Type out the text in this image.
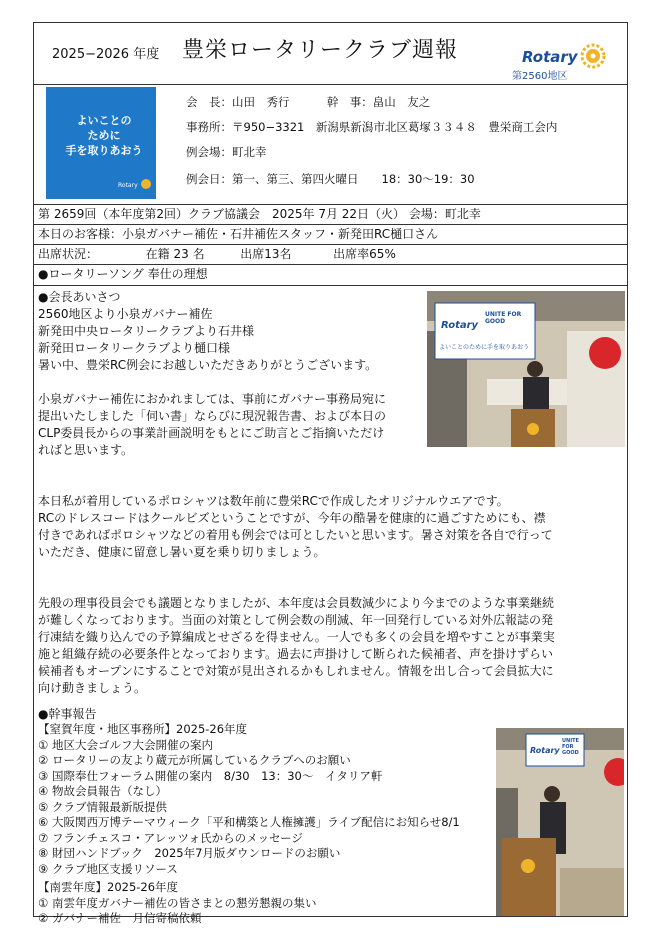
2025−2026 年度 豊栄ロータリークラブ週報	Rotary
第2560地区
よいことの
ために
手を取りあおう
Rotary
会　長：山田　秀行	幹　事：畠山　友之
事務所：〒950−3321　新潟県新潟市北区葛塚３３４８　豊栄商工会内
例会場：町北幸
例会日：第一、第三、第四火曜日　　18：30〜19：30
第 2659回（本年度第2回）クラブ協議会　2025年 7月 22日（火） 会場：町北幸
本日のお客様：小泉ガバナー補佐・石井補佐スタッフ・新発田RC樋口さん
出席状況：	在籍 23 名	出席13名	出席率65%
●ロータリーソング 奉仕の理想
●会長あいさつ
2560地区より小泉ガバナー補佐
新発田中央ロータリークラブより石井様
新発田ロータリークラブより樋口様
暑い中、豊栄RC例会にお越しいただきありがとうございます。
小泉ガバナー補佐におかれましては、事前にガバナー事務局宛に
提出いたしました「伺い書」ならびに現況報告書、および本日の
CLP委員長からの事業計画説明をもとにご助言とご指摘いただけ
ればと思います。
本日私が着用しているポロシャツは数年前に豊栄RCで作成したオリジナルウエアです。
RCのドレスコードはクールビズということですが、今年の酷暑を健康的に過ごすためにも、襟
付きであればポロシャツなどの着用も例会では可としたいと思います。暑さ対策を各自で行って
いただき、健康に留意し暑い夏を乗り切りましょう。
先般の理事役員会でも議題となりましたが、本年度は会員数減少により今までのような事業継続
が難しくなっております。当面の対策として例会数の削減、年一回発行している対外広報誌の発
行凍結を織り込んでの予算編成とせざるを得ません。一人でも多くの会員を増やすことが事業実
施と組織存続の必要条件となっております。過去に声掛けして断られた候補者、声を掛けずらい
候補者もオープンにすることで対策が見出されるかもしれません。情報を出し合って会員拡大に
向け動きましょう。
Rotary
UNITE FOR GOOD
よいことのために手を取りあおう
●幹事報告
【窒賀年度・地区事務所】2025-26年度
① 地区大会ゴルフ大会開催の案内
② ロータリーの友より蔵元が所属しているクラブへのお願い
③ 国際奉仕フォーラム開催の案内　8/30　13：30〜　イタリア軒
④ 物故会員報告（なし）
⑤ クラブ情報最新版提供
⑥ 大阪関西万博テーマウィーク「平和構築と人権擁護」ライブ配信にお知らせ8/1
⑦ フランチェスコ・アレッツォ氏からのメッセージ
⑧ 財団ハンドブック　2025年7月版ダウンロードのお願い
⑨ クラブ地区支援リソース
【南雲年度】2025-26年度
① 南雲年度ガバナー補佐の皆さまとの懇労懇親の集い
② ガバナー補佐　月信寄稿依頼
Rotary
UNITE FOR GOOD
